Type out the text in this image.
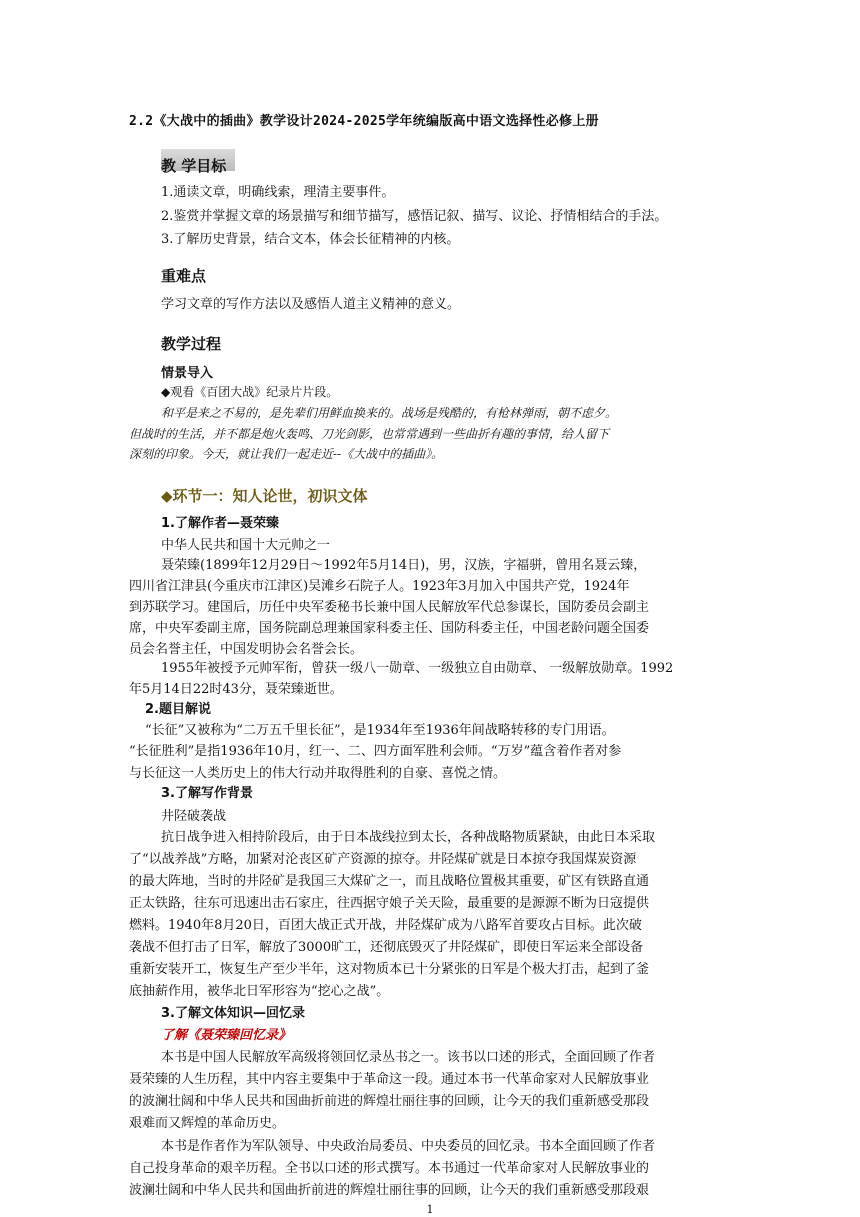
2.2《大战中的插曲》教学设计2024-2025学年统编版高中语文选择性必修上册
教 学目标
1.通读文章，明确线索，理清主要事件。
2.鉴赏并掌握文章的场景描写和细节描写，感悟记叙、描写、议论、抒情相结合的手法。
3.了解历史背景，结合文本，体会长征精神的内核。
重难点
学习文章的写作方法以及感悟人道主义精神的意义。
教学过程
情景导入
◆观看《百团大战》纪录片片段。
和平是来之不易的，是先辈们用鲜血换来的。战场是残酷的，有枪林弹雨，朝不虑夕。
但战时的生活，并不都是炮火轰鸣、刀光剑影，也常常遇到一些曲折有趣的事情，给人留下
深刻的印象。今天，就让我们一起走近--《大战中的插曲》。
◆环节一：知人论世，初识文体
1.了解作者—聂荣臻
中华人民共和国十大元帅之一
聂荣臻(1899年12月29日～1992年5月14日)，男，汉族，字福骈，曾用名聂云臻，
四川省江津县(今重庆市江津区)吴滩乡石院子人。1923年3月加入中国共产党，1924年
到苏联学习。建国后，历任中央军委秘书长兼中国人民解放军代总参谋长，国防委员会副主
席，中央军委副主席，国务院副总理兼国家科委主任、国防科委主任，中国老龄问题全国委
员会名誉主任，中国发明协会名誉会长。
1955年被授予元帅军衔，曾获一级八一勋章、一级独立自由勋章、 一级解放勋章。1992
年5月14日22时43分，聂荣臻逝世。
2.题目解说
“长征”又被称为“二万五千里长征”，是1934年至1936年间战略转移的专门用语。
“长征胜利”是指1936年10月，红一、二、四方面军胜利会师。“万岁”蕴含着作者对参
与长征这一人类历史上的伟大行动并取得胜利的自豪、喜悦之情。
3.了解写作背景
井陉破袭战
抗日战争进入相持阶段后，由于日本战线拉到太长，各种战略物质紧缺，由此日本采取
了“以战养战”方略，加紧对沦丧区矿产资源的掠夺。井陉煤矿就是日本掠夺我国煤炭资源
的最大阵地，当时的井陉矿是我国三大煤矿之一，而且战略位置极其重要，矿区有铁路直通
正太铁路，往东可迅速出击石家庄，往西据守娘子关天险，最重要的是源源不断为日寇提供
燃料。1940年8月20日，百团大战正式开战，井陉煤矿成为八路军首要攻占目标。此次破
袭战不但打击了日军，解放了3000旷工，还彻底毁灭了井陉煤矿，即使日军运来全部设备
重新安装开工，恢复生产至少半年，这对物质本已十分紧张的日军是个极大打击，起到了釜
底抽薪作用，被华北日军形容为“挖心之战”。
3.了解文体知识—回忆录
了解《聂荣臻回忆录》
本书是中国人民解放军高级将领回忆录丛书之一。该书以口述的形式，全面回顾了作者
聂荣臻的人生历程，其中内容主要集中于革命这一段。通过本书一代革命家对人民解放事业
的波澜壮阔和中华人民共和国曲折前进的辉煌壮丽往事的回顾，让今天的我们重新感受那段
艰难而又辉煌的革命历史。
本书是作者作为军队领导、中央政治局委员、中央委员的回忆录。书本全面回顾了作者
自己投身革命的艰辛历程。全书以口述的形式撰写。本书通过一代革命家对人民解放事业的
波澜壮阔和中华人民共和国曲折前进的辉煌壮丽往事的回顾，让今天的我们重新感受那段艰
1
